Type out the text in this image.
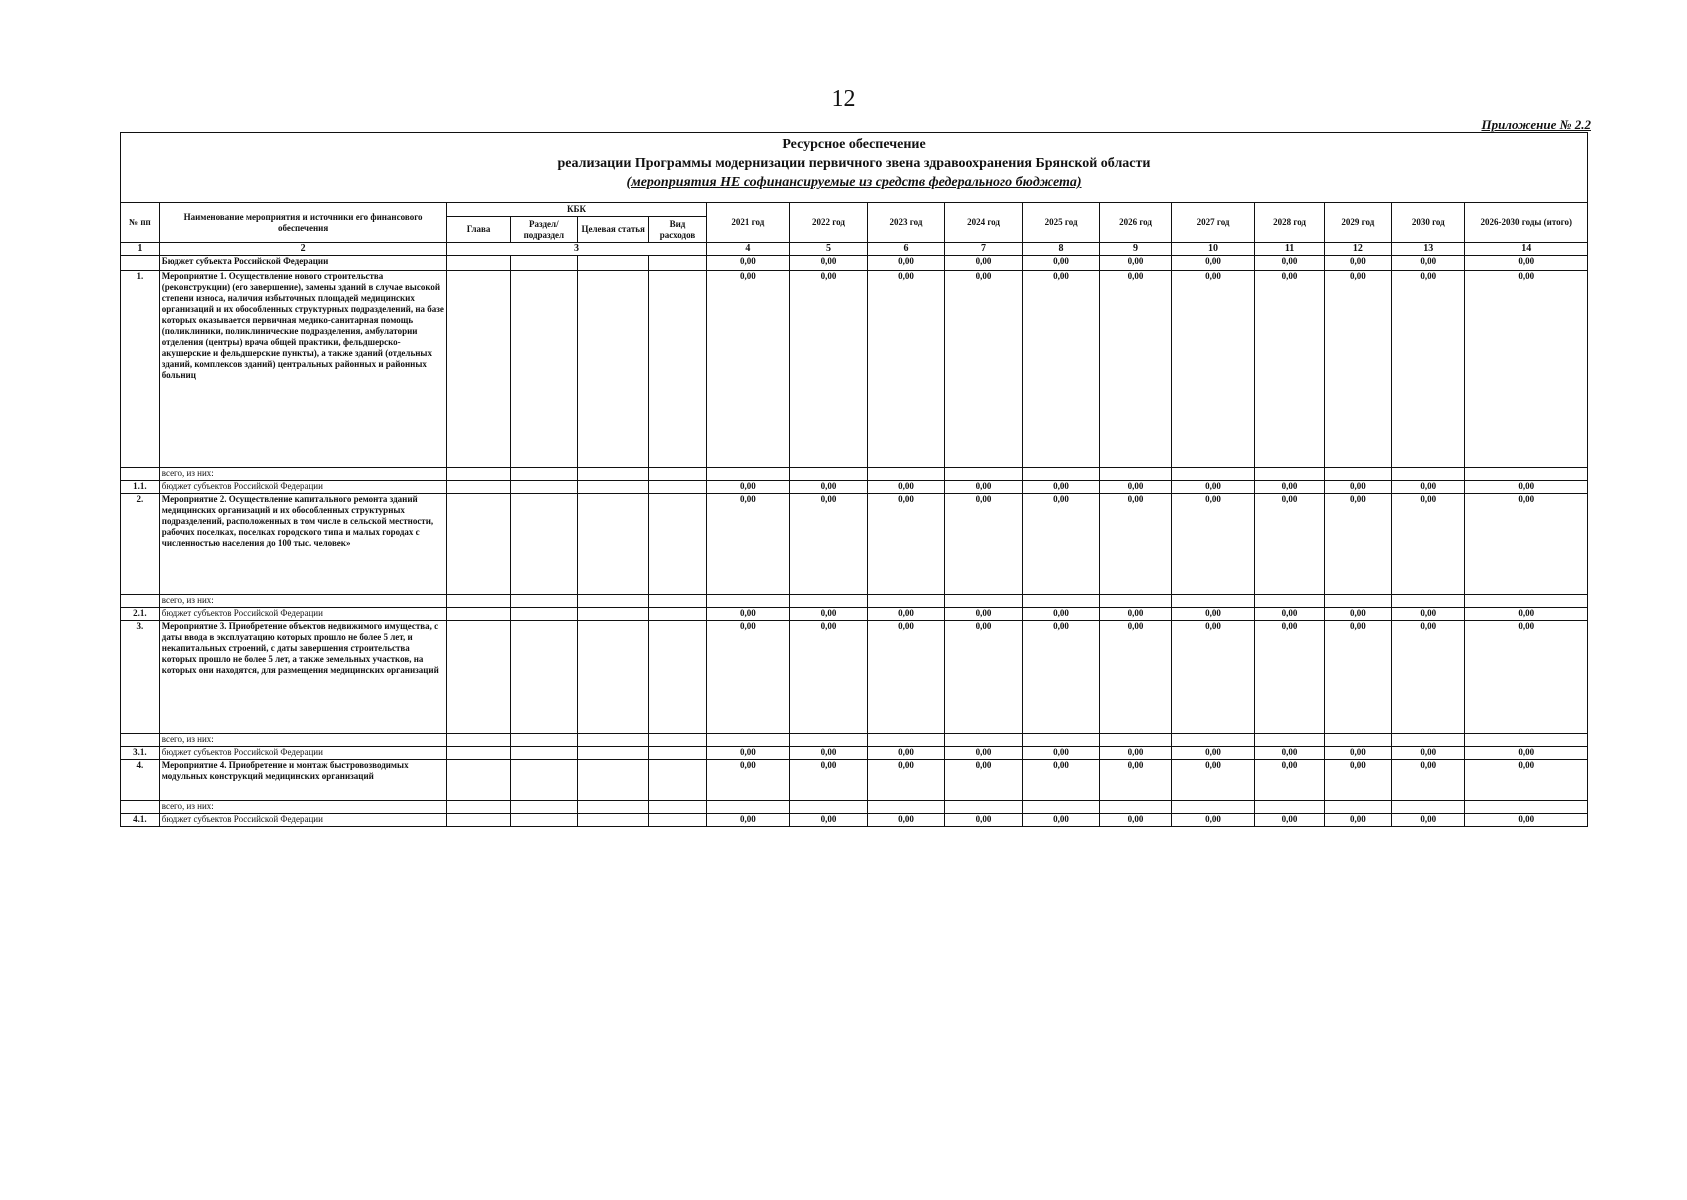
12
Приложение № 2.2
Ресурсное обеспечение
реализации Программы модернизации первичного звена здравоохранения Брянской области
(мероприятия НЕ софинансируемые из средств федерального бюджета)
№ пп	Наименование мероприятия и источники его финансового обеспечения	КБК				2021 год	2022 год	2023 год	2024 год	2025 год	2026 год	2027 год	2028 год	2029 год	2030 год	2026-2030 годы (итого)
		Глава	Раздел/ подраздел	Целевая статья	Вид расходов											
1	2	3				4	5	6	7	8	9	10	11	12	13	14
	Бюджет субъекта Российской Федерации					0,00	0,00	0,00	0,00	0,00	0,00	0,00	0,00	0,00	0,00	0,00
1.	Мероприятие 1. Осуществление нового строительства (реконструкции) (его завершение), замены зданий в случае высокой степени износа, наличия избыточных площадей медицинских организаций и их обособленных структурных подразделений, на базе которых оказывается первичная медико-санитарная помощь (поликлиники, поликлинические подразделения, амбулатории отделения (центры) врача общей практики, фельдшерско-акушерские и фельдшерские пункты), а также зданий (отдельных зданий, комплексов зданий) центральных районных и районных больниц					0,00	0,00	0,00	0,00	0,00	0,00	0,00	0,00	0,00	0,00	0,00
	всего, из них:															
1.1.	бюджет субъектов Российской Федерации					0,00	0,00	0,00	0,00	0,00	0,00	0,00	0,00	0,00	0,00	0,00
2.	Мероприятие 2. Осуществление капитального ремонта зданий медицинских организаций и их обособленных структурных подразделений, расположенных в том числе в сельской местности, рабочих поселках, поселках городского типа и малых городах с численностью населения до 100 тыс. человек»					0,00	0,00	0,00	0,00	0,00	0,00	0,00	0,00	0,00	0,00	0,00
	всего, из них:															
2.1.	бюджет субъектов Российской Федерации					0,00	0,00	0,00	0,00	0,00	0,00	0,00	0,00	0,00	0,00	0,00
3.	Мероприятие 3. Приобретение объектов недвижимого имущества, с даты ввода в эксплуатацию которых прошло не более 5 лет, и некапитальных строений, с даты завершения строительства которых прошло не более 5 лет, а также земельных участков, на которых они находятся, для размещения медицинских организаций					0,00	0,00	0,00	0,00	0,00	0,00	0,00	0,00	0,00	0,00	0,00
	всего, из них:															
3.1.	бюджет субъектов Российской Федерации					0,00	0,00	0,00	0,00	0,00	0,00	0,00	0,00	0,00	0,00	0,00
4.	Мероприятие 4. Приобретение и монтаж быстровозводимых модульных конструкций медицинских организаций					0,00	0,00	0,00	0,00	0,00	0,00	0,00	0,00	0,00	0,00	0,00
	всего, из них:															
4.1.	бюджет субъектов Российской Федерации					0,00	0,00	0,00	0,00	0,00	0,00	0,00	0,00	0,00	0,00	0,00
